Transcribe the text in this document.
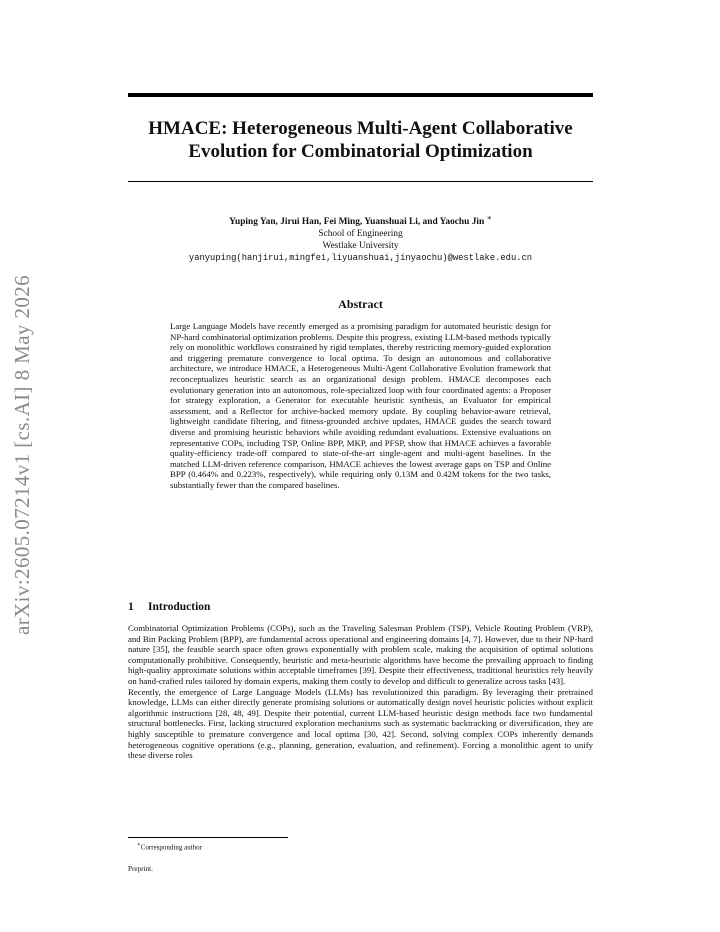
arXiv:2605.07214v1 [cs.AI] 8 May 2026
HMACE: Heterogeneous Multi-Agent Collaborative Evolution for Combinatorial Optimization
Yuping Yan, Jirui Han, Fei Ming, Yuanshuai Li, and Yaochu Jin ∗
School of Engineering
Westlake University
yanyuping(hanjirui,mingfei,liyuanshuai,jinyaochu)@westlake.edu.cn
Abstract
Large Language Models have recently emerged as a promising paradigm for automated heuristic design for NP-hard combinatorial optimization problems. Despite this progress, existing LLM-based methods typically rely on monolithic workflows constrained by rigid templates, thereby restricting memory-guided exploration and triggering premature convergence to local optima. To design an autonomous and collaborative architecture, we introduce HMACE, a Heterogeneous Multi-Agent Collaborative Evolution framework that reconceptualizes heuristic search as an organizational design problem. HMACE decomposes each evolutionary generation into an autonomous, role-specialized loop with four coordinated agents: a Proposer for strategy exploration, a Generator for executable heuristic synthesis, an Evaluator for empirical assessment, and a Reflector for archive-backed memory update. By coupling behavior-aware retrieval, lightweight candidate filtering, and fitness-grounded archive updates, HMACE guides the search toward diverse and promising heuristic behaviors while avoiding redundant evaluations. Extensive evaluations on representative COPs, including TSP, Online BPP, MKP, and PFSP, show that HMACE achieves a favorable quality-efficiency trade-off compared to state-of-the-art single-agent and multi-agent baselines. In the matched LLM-driven reference comparison, HMACE achieves the lowest average gaps on TSP and Online BPP (0.464% and 0.223%, respectively), while requiring only 0.13M and 0.42M tokens for the two tasks, substantially fewer than the compared baselines.
1 Introduction

Combinatorial Optimization Problems (COPs), such as the Traveling Salesman Problem (TSP), Vehicle Routing Problem (VRP), and Bin Packing Problem (BPP), are fundamental across operational and engineering domains [4, 7]. However, due to their NP-hard nature [35], the feasible search space often grows exponentially with problem scale, making the acquisition of optimal solutions computationally prohibitive. Consequently, heuristic and meta-heuristic algorithms have become the prevailing approach to finding high-quality approximate solutions within acceptable timeframes [39]. Despite their effectiveness, traditional heuristics rely heavily on hand-crafted rules tailored by domain experts, making them costly to develop and difficult to generalize across tasks [43].

Recently, the emergence of Large Language Models (LLMs) has revolutionized this paradigm. By leveraging their pretrained knowledge, LLMs can either directly generate promising solutions or automatically design novel heuristic policies without explicit algorithmic instructions [28, 48, 49]. Despite their potential, current LLM-based heuristic design methods face two fundamental structural bottlenecks. First, lacking structured exploration mechanisms such as systematic backtracking or diversification, they are highly susceptible to premature convergence and local optima [30, 42]. Second, solving complex COPs inherently demands heterogeneous cognitive operations (e.g., planning, generation, evaluation, and refinement). Forcing a monolithic agent to unify these diverse roles

∗Corresponding author
Preprint.
